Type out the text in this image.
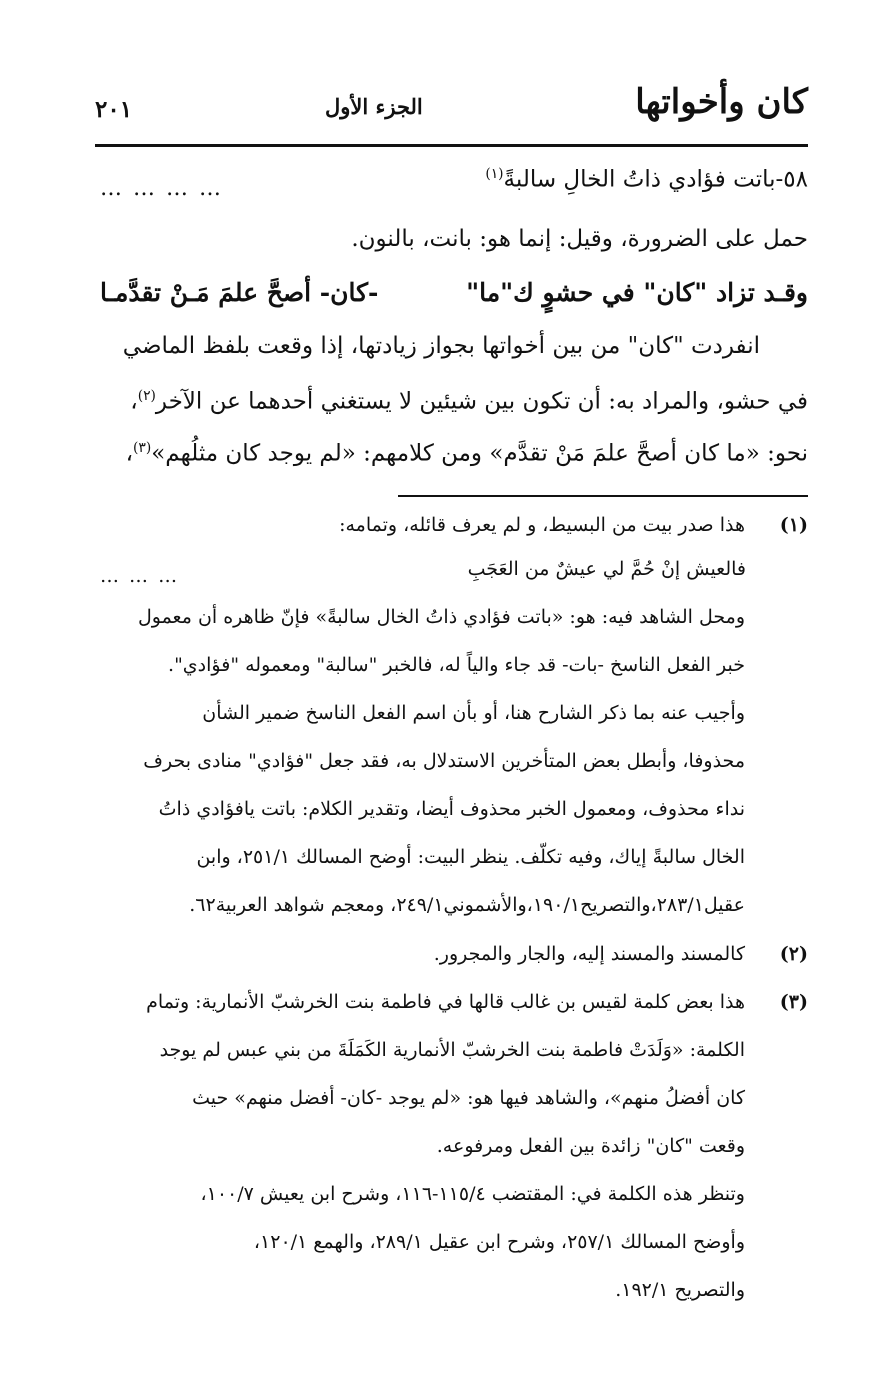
كان وأخواتها
الجزء الأول
٢٠١
٥٨-باتت فؤادي ذاتُ الخالِ سالبةً$^{(١)}$
… … … …
حمل على الضرورة، وقيل: إنما هو: بانت، بالنون.
وقـد تزاد "كان" في حشوٍ ك"ما"
-كان- أصحَّ علمَ مَـنْ تقدَّمـا
انفردت "كان" من بين أخواتها بجواز زيادتها، إذا وقعت بلفظ الماضي
في حشو، والمراد به: أن تكون بين شيئين لا يستغني أحدهما عن الآخر$^{(٢)}$،
نحو: «ما كان أصحَّ علمَ مَنْ تقدَّم» ومن كلامهم: «لم يوجد كان مثلُهم»$^{(٣)}$،
(١)
هذا صدر بيت من البسيط، و لم يعرف قائله، وتمامه:
فالعيش إنْ حُمَّ لي عيشٌ من العَجَبِ
… … …
ومحل الشاهد فيه: هو: «باتت فؤادي ذاتُ الخال سالبةً» فإنّ ظاهره أن معمول
خبر الفعل الناسخ -بات- قد جاء والياً له، فالخبر "سالبة" ومعموله "فؤادي".
وأجيب عنه بما ذكر الشارح هنا، أو بأن اسم الفعل الناسخ ضمير الشأن
محذوفا، وأبطل بعض المتأخرين الاستدلال به، فقد جعل "فؤادي" منادى بحرف
نداء محذوف، ومعمول الخبر محذوف أيضا، وتقدير الكلام: باتت يافؤادي ذاتُ
الخال سالبةً إياك، وفيه تكلّف. ينظر البيت: أوضح المسالك ٢٥١/١، وابن
عقيل٢٨٣/١،والتصريح١٩٠/١،والأشموني٢٤٩/١، ومعجم شواهد العربية٦٢.
(٢)
كالمسند والمسند إليه، والجار والمجرور.
(٣)
هذا بعض كلمة لقيس بن غالب قالها في فاطمة بنت الخرشبّ الأنمارية: وتمام
الكلمة: «وَلَدَتْ فاطمة بنت الخرشبّ الأنمارية الكَمَلَةَ من بني عبس لم يوجد
كان أفضلُ منهم»، والشاهد فيها هو: «لم يوجد -كان- أفضل منهم» حيث
وقعت "كان" زائدة بين الفعل ومرفوعه.
وتنظر هذه الكلمة في: المقتضب ١١٥/٤-١١٦، وشرح ابن يعيش ١٠٠/٧،
وأوضح المسالك ٢٥٧/١، وشرح ابن عقيل ٢٨٩/١، والهمع ١٢٠/١،
والتصريح ١٩٢/١.
